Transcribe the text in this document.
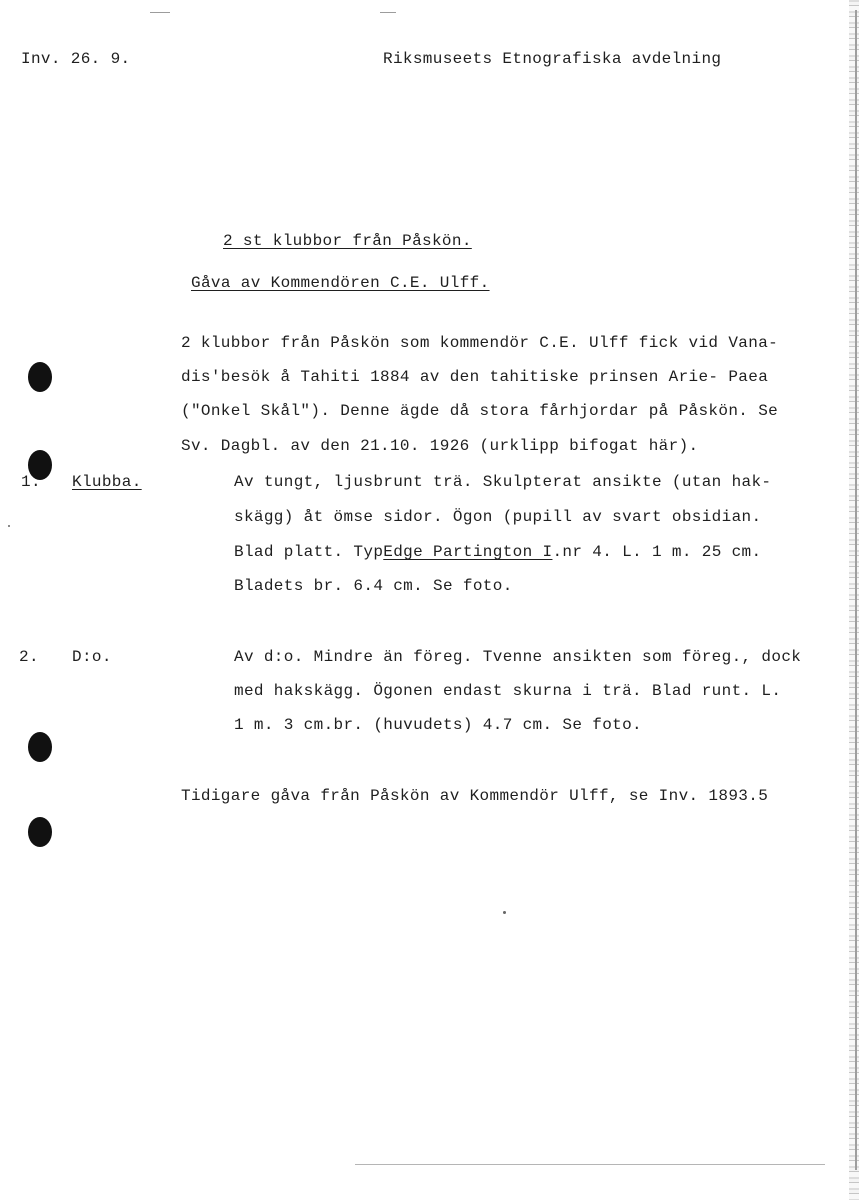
Inv. 26. 9.	Riksmuseets Etnografiska avdelning
2 st klubbor från Påskön.
Gåva av Kommendören C.E. Ulff.
2 klubbor från Påskön som kommendör C.E. Ulff fick vid Vana-
dis'besök å Tahiti 1884 av den tahitiske prinsen Arie- Paea
("Onkel Skål"). Denne ägde då stora fårhjordar på Påskön. Se
Sv. Dagbl. av den 21.10. 1926 (urklipp bifogat här).
1. Klubba.	Av tungt, ljusbrunt trä. Skulpterat ansikte (utan hak-
skägg) åt ömse sidor. Ögon (pupill av svart obsidian.
Blad platt. TypEdge Partington I.nr 4. L. 1 m. 25 cm.
Bladets br. 6.4 cm. Se foto.
2. D:o.	Av d:o. Mindre än föreg. Tvenne ansikten som föreg., dock
med hakskägg. Ögonen endast skurna i trä. Blad runt. L.
1 m. 3 cm.br. (huvudets) 4.7 cm. Se foto.
Tidigare gåva från Påskön av Kommendör Ulff, se Inv. 1893.5
